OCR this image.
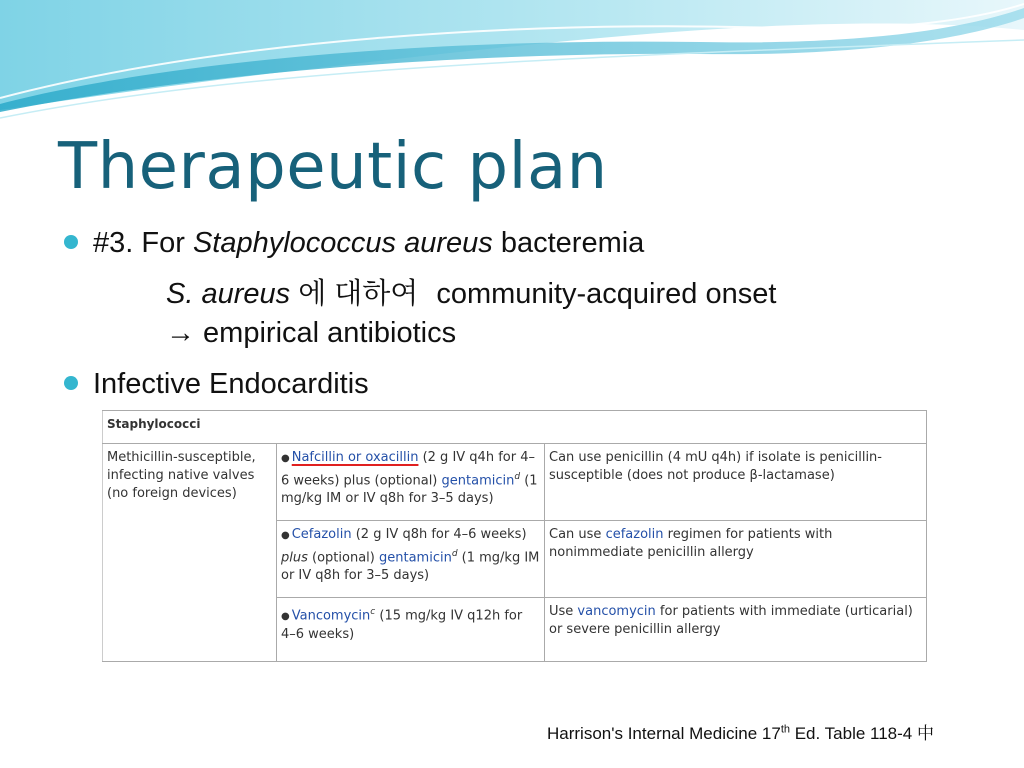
Therapeutic plan
#3. For Staphylococcus aureus bacteremia
S. aureus 에 대하여 community-acquired onset
→ empirical antibiotics
Infective Endocarditis
Staphylococci		
Methicillin-susceptible, infecting native valves (no foreign devices)	● Nafcillin or oxacillin (2 g IV q4h for 4–6 weeks) plus (optional) gentamicin$^d$ (1 mg/kg IM or IV q8h for 3–5 days)	Can use penicillin (4 mU q4h) if isolate is penicillin-susceptible (does not produce β-lactamase)
	● Cefazolin (2 g IV q8h for 4–6 weeks) plus (optional) gentamicin$^d$ (1 mg/kg IM or IV q8h for 3–5 days)	Can use cefazolin regimen for patients with nonimmediate penicillin allergy
	● Vancomycin$^c$ (15 mg/kg IV q12h for 4–6 weeks)	Use vancomycin for patients with immediate (urticarial) or severe penicillin allergy
Harrison's Internal Medicine 17th Ed. Table 118-4 中
